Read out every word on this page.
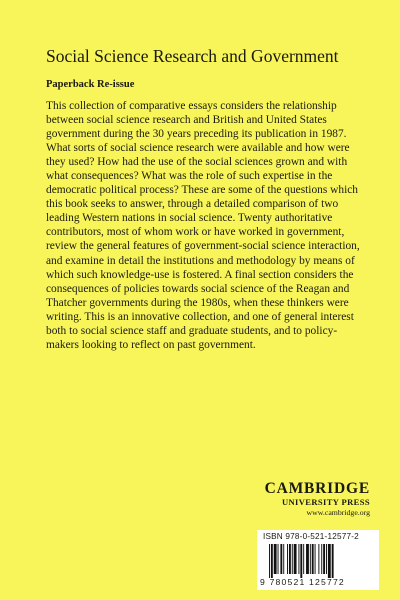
Social Science Research and Government
Paperback Re-issue
This collection of comparative essays considers the relationship
between social science research and British and United States
government during the 30 years preceding its publication in 1987.
What sorts of social science research were available and how were
they used? How had the use of the social sciences grown and with
what consequences? What was the role of such expertise in the
democratic political process? These are some of the questions which
this book seeks to answer, through a detailed comparison of two
leading Western nations in social science. Twenty authoritative
contributors, most of whom work or have worked in government,
review the general features of government-social science interaction,
and examine in detail the institutions and methodology by means of
which such knowledge-use is fostered. A final section considers the
consequences of policies towards social science of the Reagan and
Thatcher governments during the 1980s, when these thinkers were
writing. This is an innovative collection, and one of general interest
both to social science staff and graduate students, and to policy-
makers looking to reflect on past government.
CAMBRIDGE
UNIVERSITY PRESS
www.cambridge.org
ISBN 978-0-521-12577-2
9 780521 125772
